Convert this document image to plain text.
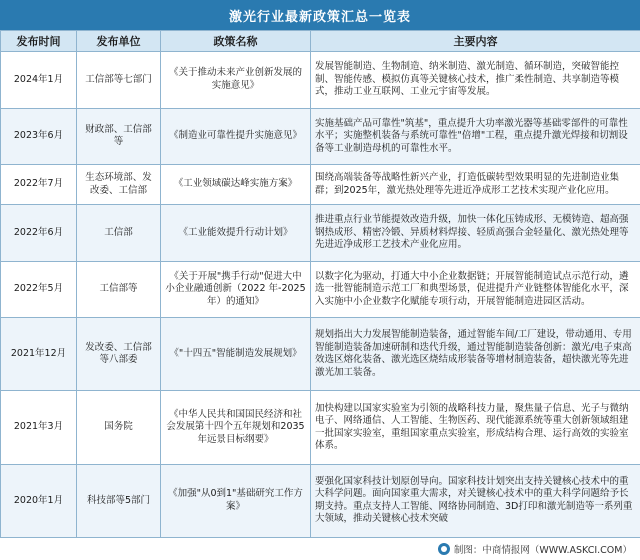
激光行业最新政策汇总一览表
发布时间	发布单位	政策名称	主要内容
2024年1月	工信部等七部门	《关于推动未来产业创新发展的实施意见》	发展智能制造、生物制造、纳米制造、激光制造、循环制造，突破智能控制、智能传感、模拟仿真等关键核心技术，推广柔性制造、共享制造等模式，推动工业互联网、工业元宇宙等发展。
2023年6月	财政部、工信部等	《制造业可靠性提升实施意见》	实施基础产品可靠性"筑基"，重点提升大功率激光器等基础零部件的可靠性水平；实施整机装备与系统可靠性"倍增"工程，重点提升激光焊接和切割设备等工业制造母机的可靠性水平。
2022年7月	生态环境部、发改委、工信部	《工业领域碳达峰实施方案》	围绕高端装备等战略性新兴产业，打造低碳转型效果明显的先进制造业集群；到2025年，激光热处理等先进近净成形工艺技术实现产业化应用。
2022年6月	工信部	《工业能效提升行动计划》	推进重点行业节能提效改造升级，加快一体化压铸成形、无模铸造、超高强钢热成形、精密冷锻、异质材料焊接、轻质高强合金轻量化、激光热处理等先进近净成形工艺技术产业化应用。
2022年5月	工信部等	《关于开展"携手行动"促进大中小企业融通创新（2022 年-2025年）的通知》	以数字化为驱动，打通大中小企业数据链；开展智能制造试点示范行动，遴选一批智能制造示范工厂和典型场景，促进提升产业链整体智能化水平，深入实施中小企业数字化赋能专项行动，开展智能制造进园区活动。
2021年12月	发改委、工信部等八部委	《"十四五"智能制造发展规划》	规划指出大力发展智能制造装备，通过智能车间/工厂建设，带动通用、专用智能制造装备加速研制和迭代升级，通过智能制造装备创新：激光/电子束高效选区熔化装备、激光选区烧结成形装备等增材制造装备，超快激光等先进激光加工装备。
2021年3月	国务院	《中华人民共和国国民经济和社会发展第十四个五年规划和2035 年远景目标纲要》	加快构建以国家实验室为引领的战略科技力量，聚焦量子信息、光子与微纳电子、网络通信、人工智能、生物医药、现代能源系统等重大创新领域组建一批国家实验室，重组国家重点实验室，形成结构合理、运行高效的实验室体系。
2020年1月	科技部等5部门	《加强"从0到1"基础研究工作方案》	要强化国家科技计划原创导向。国家科技计划突出支持关键核心技术中的重大科学问题。面向国家重大需求，对关键核心技术中的重大科学问题给予长期支持。重点支持人工智能、网络协同制造、3D打印和激光制造等一系列重大领域，推动关键核心技术突破
制图：中商情报网（WWW.ASKCI.COM）
